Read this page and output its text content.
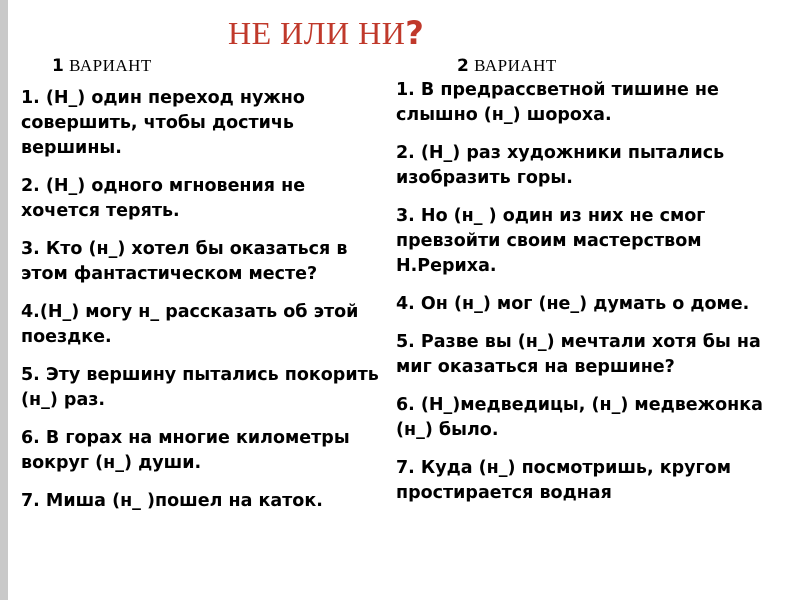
НЕ ИЛИ НИ?
1 ВАРИАНТ	2 ВАРИАНТ

1. (Н_) один переход нужно совершить, чтобы достичь вершины.

2. (Н_) одного мгновения не хочется терять.

3. Кто (н_) хотел бы оказаться в этом фантастическом месте?

4.(Н_) могу н_ рассказать об этой поездке.

5. Эту вершину пытались покорить (н_) раз.

6. В горах на многие километры вокруг (н_) души.

7. Миша (н_ )пошел на каток.

1. В предрассветной тишине не слышно (н_) шороха.

2. (Н_) раз художники пытались изобразить горы.

3. Но (н_ ) один из них не смог превзойти своим мастерством Н.Рериха.

4. Он (н_) мог (не_) думать о доме.

5. Разве вы (н_) мечтали хотя бы на миг оказаться на вершине?

6. (Н_)медведицы, (н_) медвежонка (н_) было.

7. Куда (н_) посмотришь, кругом простирается водная
